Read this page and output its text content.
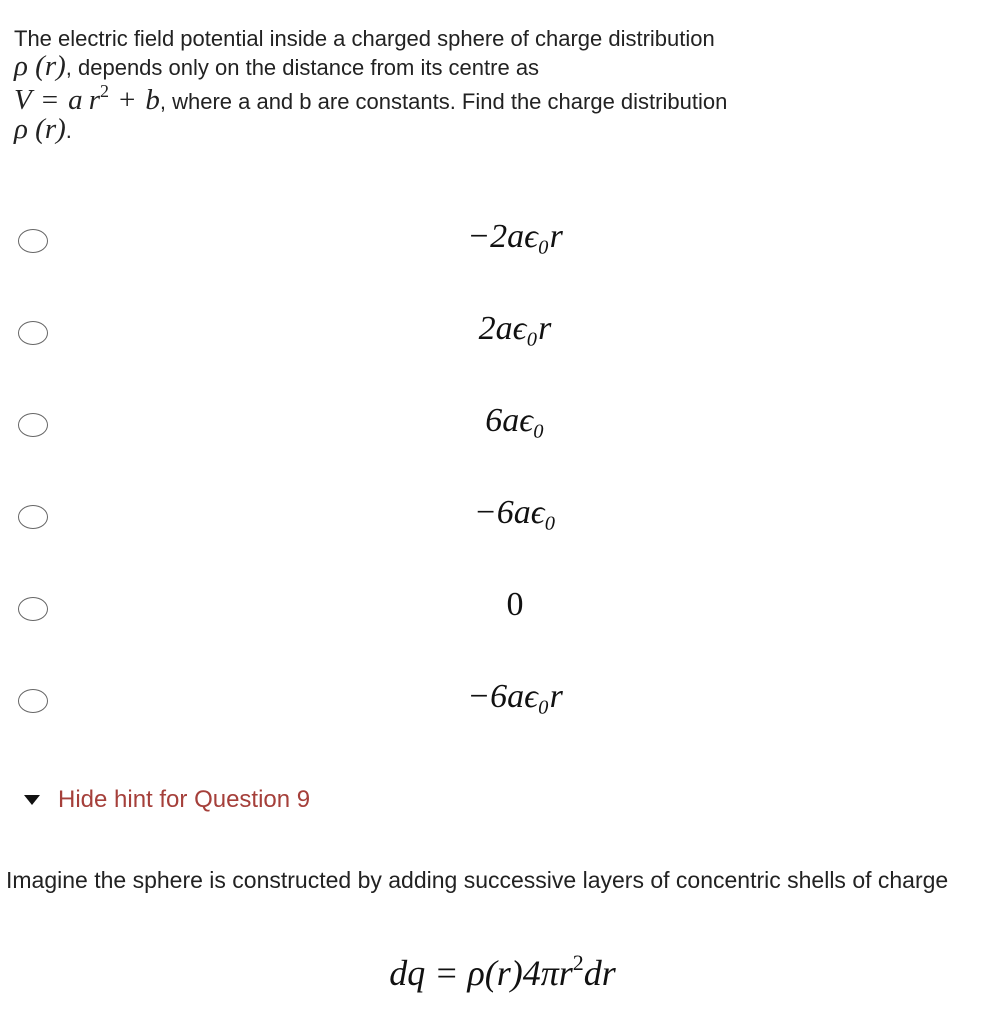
The electric field potential inside a charged sphere of charge distribution
ρ (r), depends only on the distance from its centre as
V = a $r^2 + b$, where a and b are constants. Find the charge distribution
ρ (r).
−2aϵ₀r
2aϵ₀r
6aϵ₀
−6aϵ₀
0
−6aϵ₀r
Hide hint for Question 9
Imagine the sphere is constructed by adding successive layers of concentric shells of charge
dq = $\rho(r)4\pi r^2dr$
